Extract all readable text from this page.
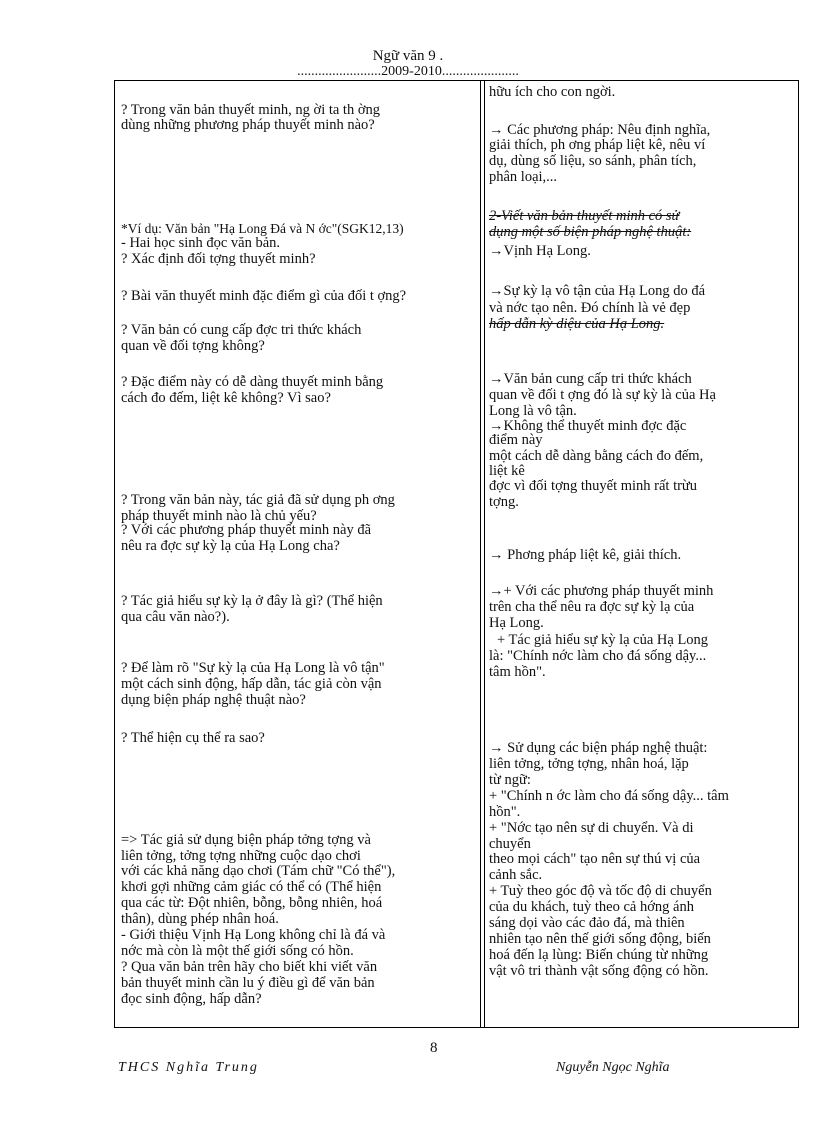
Ngữ văn 9 .
........................2009-2010......................
? Trong văn bản thuyết minh, ng ời ta th ờng
dùng những phương pháp thuyết minh nào?
*Ví dụ: Văn bản "Hạ Long Đá và N ớc"(SGK12,13)
- Hai học sinh đọc văn bản.
? Xác định đối tợng thuyết minh?
? Bài văn thuyết minh đặc điểm gì của đối t ợng?
? Văn bản có cung cấp đợc tri thức khách
quan về đối tợng không?
? Đặc điểm này có dễ dàng thuyết minh bằng
cách đo đếm, liệt kê không? Vì sao?
? Trong văn bản này, tác giả đã sử dụng ph ơng
pháp thuyết minh nào là chủ yếu?
? Với các phương pháp thuyết minh này đã
nêu ra đợc sự kỳ lạ của Hạ Long cha?
? Tác giả hiểu sự kỳ lạ ở đây là gì? (Thể hiện
qua câu văn nào?).
? Để làm rõ "Sự kỳ lạ của Hạ Long là vô tận"
một cách sinh động, hấp dẫn, tác giả còn vận
dụng biện pháp nghệ thuật nào?
? Thể hiện cụ thể ra sao?
=> Tác giả sử dụng biện pháp tởng tợng và
liên tởng, tởng tợng những cuộc dạo chơi
với các khả năng dạo chơi (Tám chữ "Có thể"),
khơi gợi những cảm giác có thể có (Thể hiện
qua các từ: Đột nhiên, bỗng, bỗng nhiên, hoá
thân), dùng phép nhân hoá.
- Giới thiệu Vịnh Hạ Long không chỉ là đá và
nớc mà còn là một thế giới sống có hồn.
? Qua văn bản trên hãy cho biết khi viết văn
bản thuyết minh cần lu ý điều gì để văn bản
đọc sinh động, hấp dẫn?
hữu ích cho con ngời.
→ Các phương pháp: Nêu định nghĩa,
giải thích, ph ơng pháp liệt kê, nêu ví
dụ, dùng số liệu, so sánh, phân tích,
phân loại,...
2-Viết văn bản thuyết minh có sử
dụng một số biện pháp nghệ thuật:
→Vịnh Hạ Long.
→Sự kỳ lạ vô tận của Hạ Long do đá
và nớc tạo nên. Đó chính là vẻ đẹp
hấp dẫn kỳ diệu của Hạ Long.
→Văn bản cung cấp tri thức khách
quan về đối t ợng đó là sự kỳ là của Hạ
Long là vô tận.
→Không thể thuyết minh đợc đặc
điểm này
một cách dễ dàng bằng cách đo đếm,
liệt kê
đợc vì đối tợng thuyết minh rất trừu
tợng.
→ Phơng pháp liệt kê, giải thích.
→+ Với các phương pháp thuyết minh
trên cha thể nêu ra đợc sự kỳ lạ của
Hạ Long.
+ Tác giả hiểu sự kỳ lạ của Hạ Long
là: "Chính nớc làm cho đá sống dậy...
tâm hồn".
→ Sử dụng các biện pháp nghệ thuật:
liên tởng, tởng tợng, nhân hoá, lặp
từ ngữ:
+ "Chính n ớc làm cho đá sống dậy... tâm
hồn".
+ "Nớc tạo nên sự di chuyển. Và di
chuyển
theo mọi cách" tạo nên sự thú vị của
cảnh sắc.
+ Tuỳ theo góc độ và tốc độ di chuyển
của du khách, tuỳ theo cả hớng ánh
sáng dọi vào các đảo đá, mà thiên
nhiên tạo nên thế giới sống động, biến
hoá đến lạ lùng: Biến chúng từ những
vật vô tri thành vật sống động có hồn.
8
THCS Nghĩa Trung	Nguyễn Ngọc Nghĩa
